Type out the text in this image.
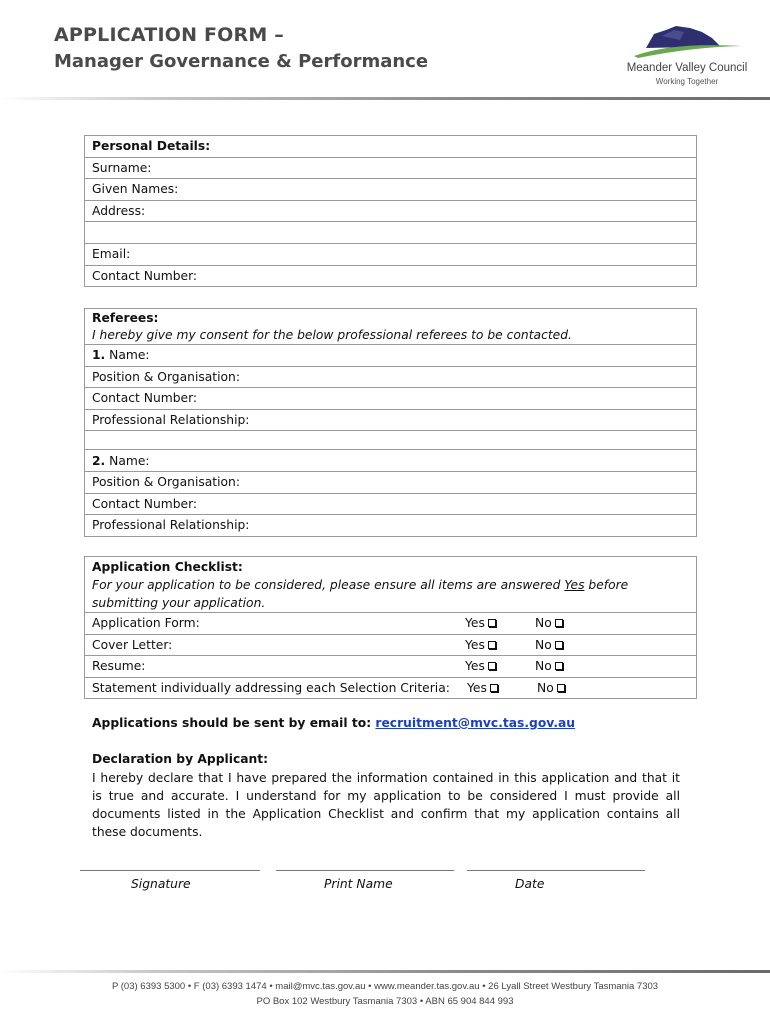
APPLICATION FORM –
Manager Governance & Performance	Meander Valley Council
Working Together
Personal Details:
Surname:
Given Names:
Address:

Email:
Contact Number:
Referees:
I hereby give my consent for the below professional referees to be contacted.

1. Name:
Position & Organisation:
Contact Number:
Professional Relationship:

2. Name:
Position & Organisation:
Contact Number:
Professional Relationship:
Application Checklist:
For your application to be considered, please ensure all items are answered Yes before submitting your application.

Application Form:	Yes	No

Cover Letter:	Yes	No

Resume:	Yes	No

Statement individually addressing each Selection Criteria: Yes	No
Applications should be sent by email to: recruitment@mvc.tas.gov.au
Declaration by Applicant:
I hereby declare that I have prepared the information contained in this application and that it is true and accurate. I understand for my application to be considered I must provide all documents listed in the Application Checklist and confirm that my application contains all these documents.
Signature	Print Name	Date
P (03) 6393 5300 • F (03) 6393 1474 • mail@mvc.tas.gov.au • www.meander.tas.gov.au • 26 Lyall Street Westbury Tasmania 7303
PO Box 102 Westbury Tasmania 7303 • ABN 65 904 844 993
